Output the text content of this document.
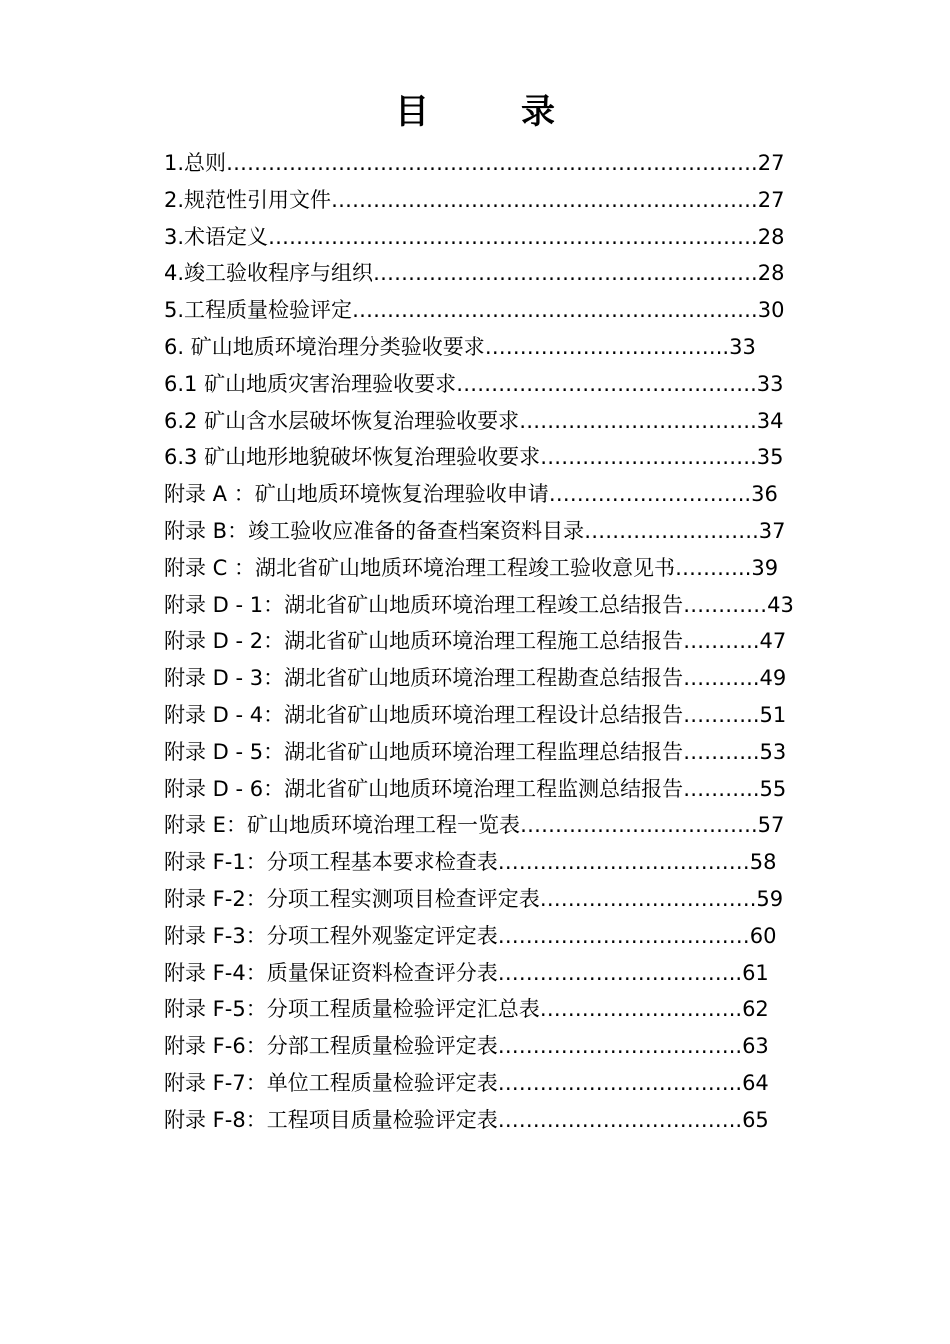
目	录
1.总则………………………………………………………………….27
2.规范性引用文件…………………………………………………….27
3.术语定义…………………………………………………………….28
4.竣工验收程序与组织……………………………………………….28
5.工程质量检验评定………………………………………………….30
6. 矿山地质环境治理分类验收要求……………………………..33
6.1 矿山地质灾害治理验收要求…………………………………….33
6.2 矿山含水层破坏恢复治理验收要求…………………………….34
6.3 矿山地形地貌破坏恢复治理验收要求………………………….35
附录 A ：矿山地质环境恢复治理验收申请………………………..36
附录 B：竣工验收应准备的备查档案资料目录…………………….37
附录 C ：湖北省矿山地质环境治理工程竣工验收意见书………..39
附录 D - 1：湖北省矿山地质环境治理工程竣工总结报告…………43
附录 D - 2：湖北省矿山地质环境治理工程施工总结报告………..47
附录 D - 3：湖北省矿山地质环境治理工程勘查总结报告………..49
附录 D - 4：湖北省矿山地质环境治理工程设计总结报告………..51
附录 D - 5：湖北省矿山地质环境治理工程监理总结报告………..53
附录 D - 6：湖北省矿山地质环境治理工程监测总结报告………..55
附录 E：矿山地质环境治理工程一览表…………………………….57
附录 F-1：分项工程基本要求检查表………………………………58
附录 F-2：分项工程实测项目检查评定表………………………….59
附录 F-3：分项工程外观鉴定评定表………………………………60
附录 F-4：质量保证资料检查评分表……………………………..61
附录 F-5：分项工程质量检验评定汇总表………………………..62
附录 F-6：分部工程质量检验评定表……………………………..63
附录 F-7：单位工程质量检验评定表……………………………..64
附录 F-8：工程项目质量检验评定表……………………………..65
